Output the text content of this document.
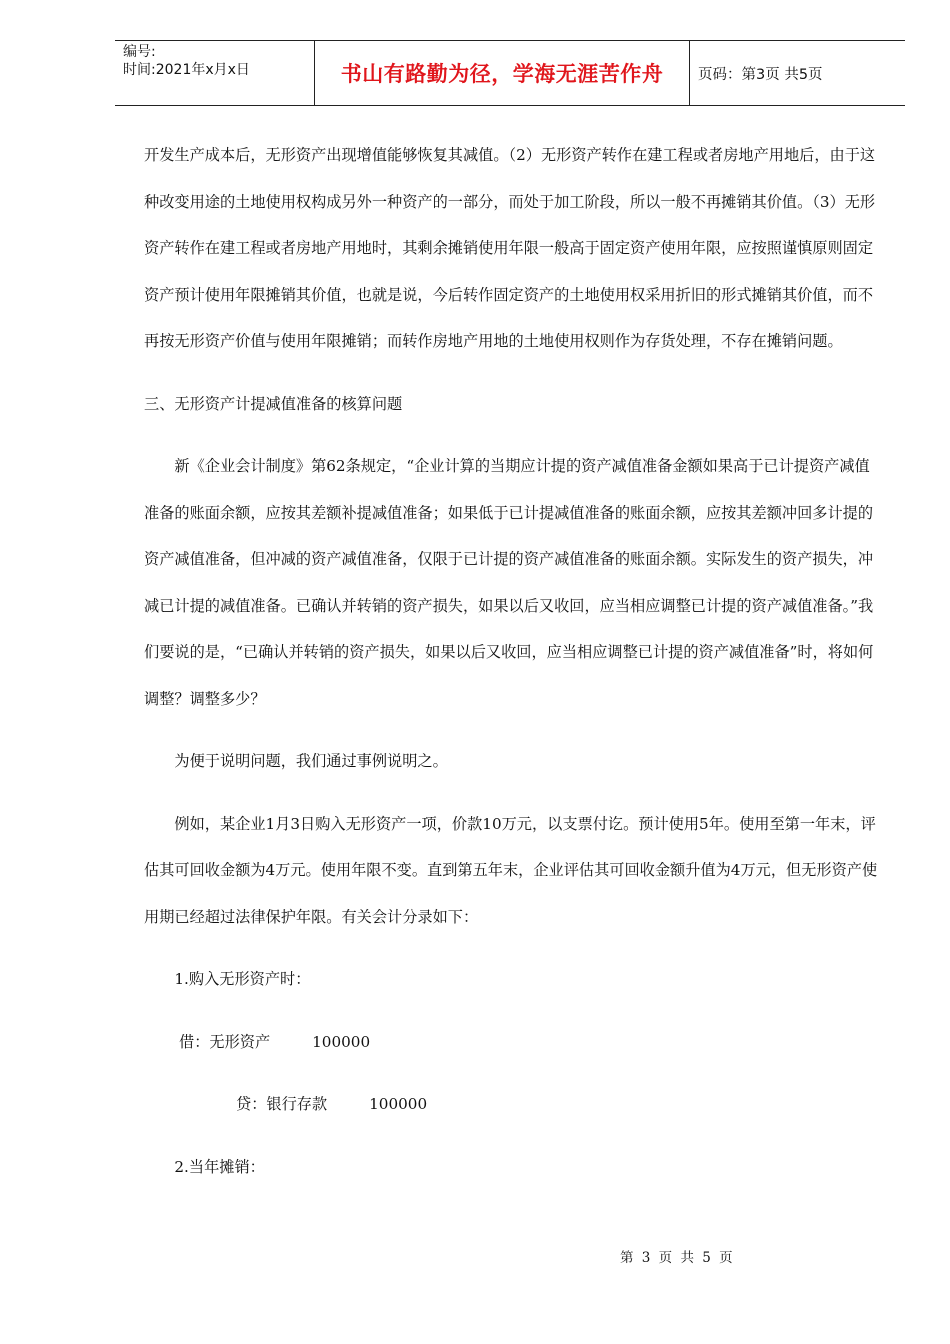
编号:
时间:2021年x月x日	书山有路勤为径，学海无涯苦作舟	页码：第3页 共5页

开发生产成本后，无形资产出现增值能够恢复其减值。（2）无形资产转作在建工程或者房地产用地后，由于这种改变用途的土地使用权构成另外一种资产的一部分，而处于加工阶段，所以一般不再摊销其价值。（3）无形资产转作在建工程或者房地产用地时，其剩余摊销使用年限一般高于固定资产使用年限，应按照谨慎原则固定资产预计使用年限摊销其价值，也就是说，今后转作固定资产的土地使用权采用折旧的形式摊销其价值，而不再按无形资产价值与使用年限摊销；而转作房地产用地的土地使用权则作为存货处理，不存在摊销问题。

三、无形资产计提减值准备的核算问题

新《企业会计制度》第62条规定，“企业计算的当期应计提的资产减值准备金额如果高于已计提资产减值准备的账面余额，应按其差额补提减值准备；如果低于已计提减值准备的账面余额，应按其差额冲回多计提的资产减值准备，但冲减的资产减值准备，仅限于已计提的资产减值准备的账面余额。实际发生的资产损失，冲减已计提的减值准备。已确认并转销的资产损失，如果以后又收回，应当相应调整已计提的资产减值准备。”我们要说的是，“已确认并转销的资产损失，如果以后又收回，应当相应调整已计提的资产减值准备”时，将如何调整？调整多少？

为便于说明问题，我们通过事例说明之。

例如，某企业1月3日购入无形资产一项，价款10万元，以支票付讫。预计使用5年。使用至第一年末，评估其可回收金额为4万元。使用年限不变。直到第五年末，企业评估其可回收金额升值为4万元，但无形资产使用期已经超过法律保护年限。有关会计分录如下：

1.购入无形资产时：

借：无形资产	100000

贷：银行存款	100000

2.当年摊销：

第 3 页 共 5 页
